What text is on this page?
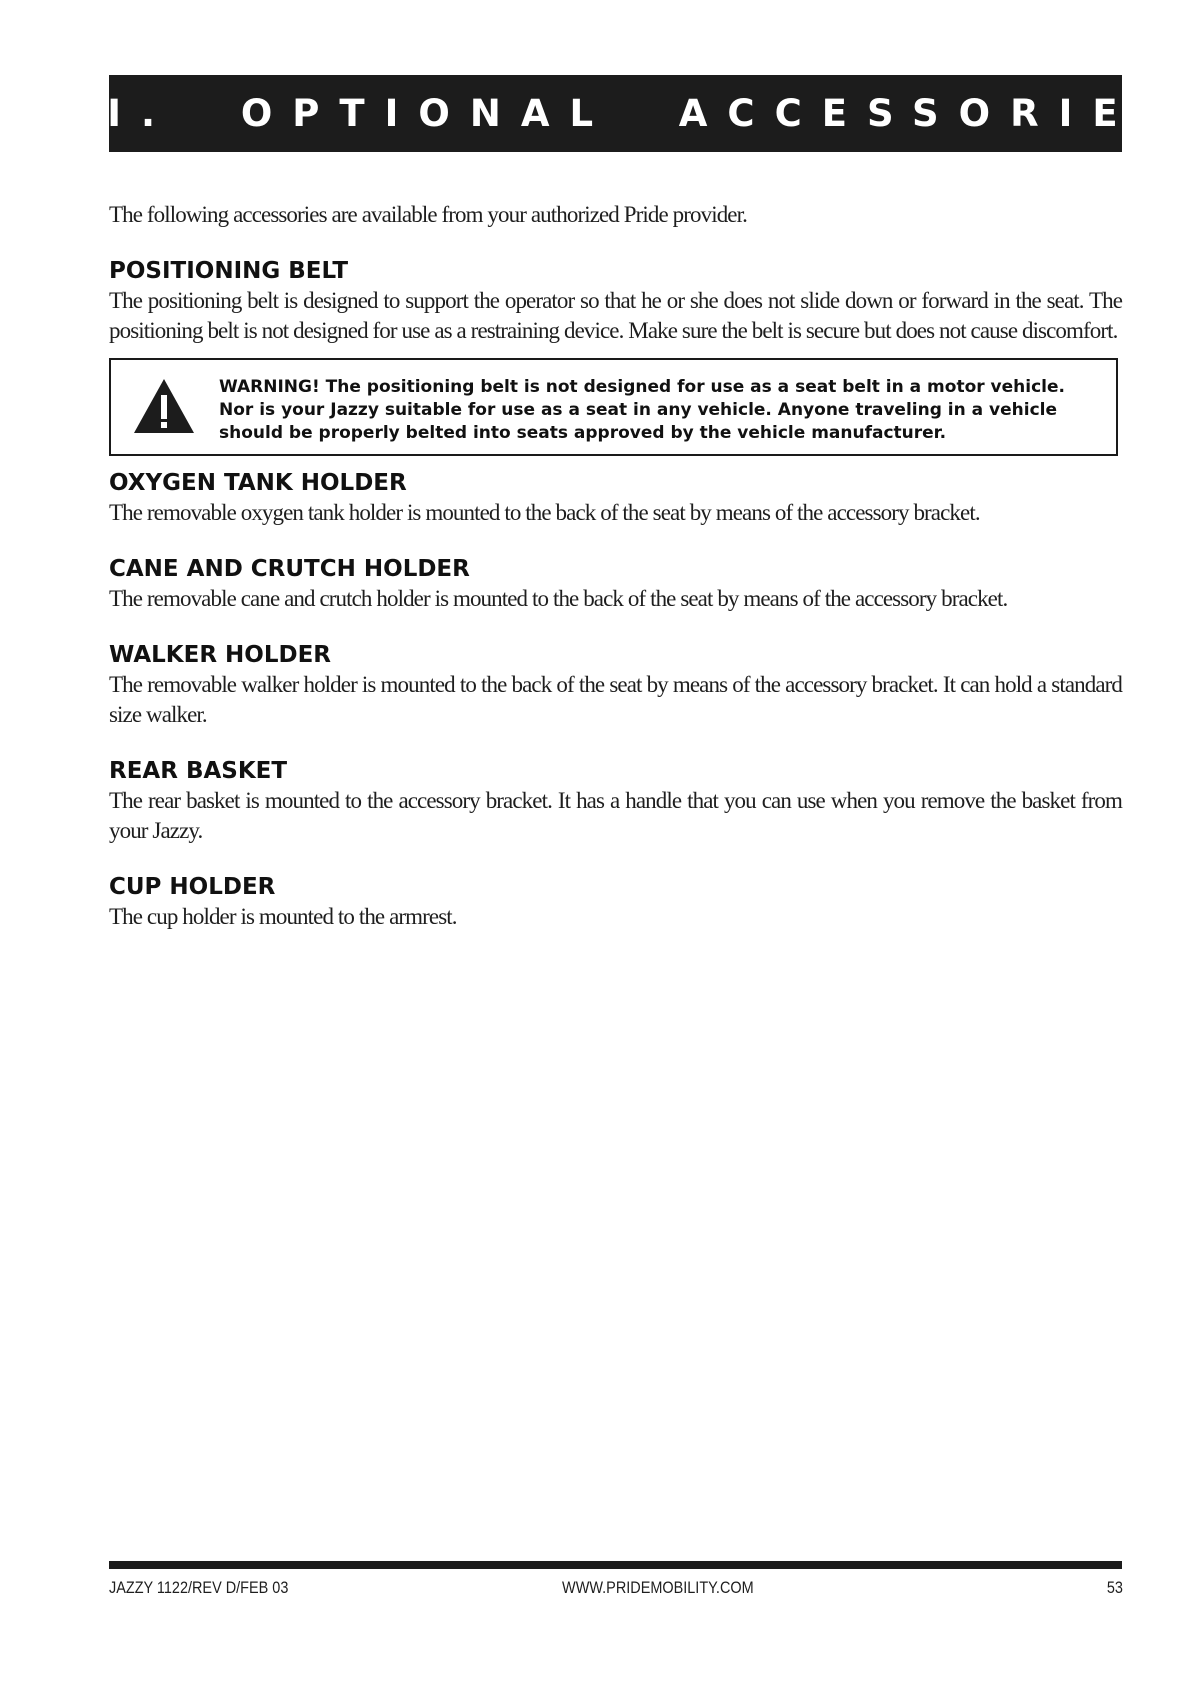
XI.  OPTIONAL  ACCESSORIES

The following accessories are available from your authorized Pride provider.

POSITIONING BELT

The positioning belt is designed to support the operator so that he or she does not slide down or forward in the seat. The positioning belt is not designed for use as a restraining device. Make sure the belt is secure but does not cause discomfort.

WARNING! The positioning belt is not designed for use as a seat belt in a motor vehicle. Nor is your Jazzy suitable for use as a seat in any vehicle. Anyone traveling in a vehicle should be properly belted into seats approved by the vehicle manufacturer.

OXYGEN TANK HOLDER

The removable oxygen tank holder is mounted to the back of the seat by means of the accessory bracket.

CANE AND CRUTCH HOLDER

The removable cane and crutch holder is mounted to the back of the seat by means of the accessory bracket.

WALKER HOLDER

The removable walker holder is mounted to the back of the seat by means of the accessory bracket. It can hold a standard size walker.

REAR BASKET

The rear basket is mounted to the accessory bracket. It has a handle that you can use when you remove the basket from your Jazzy.

CUP HOLDER

The cup holder is mounted to the armrest.

JAZZY 1122/REV D/FEB 03	WWW.PRIDEMOBILITY.COM	53
